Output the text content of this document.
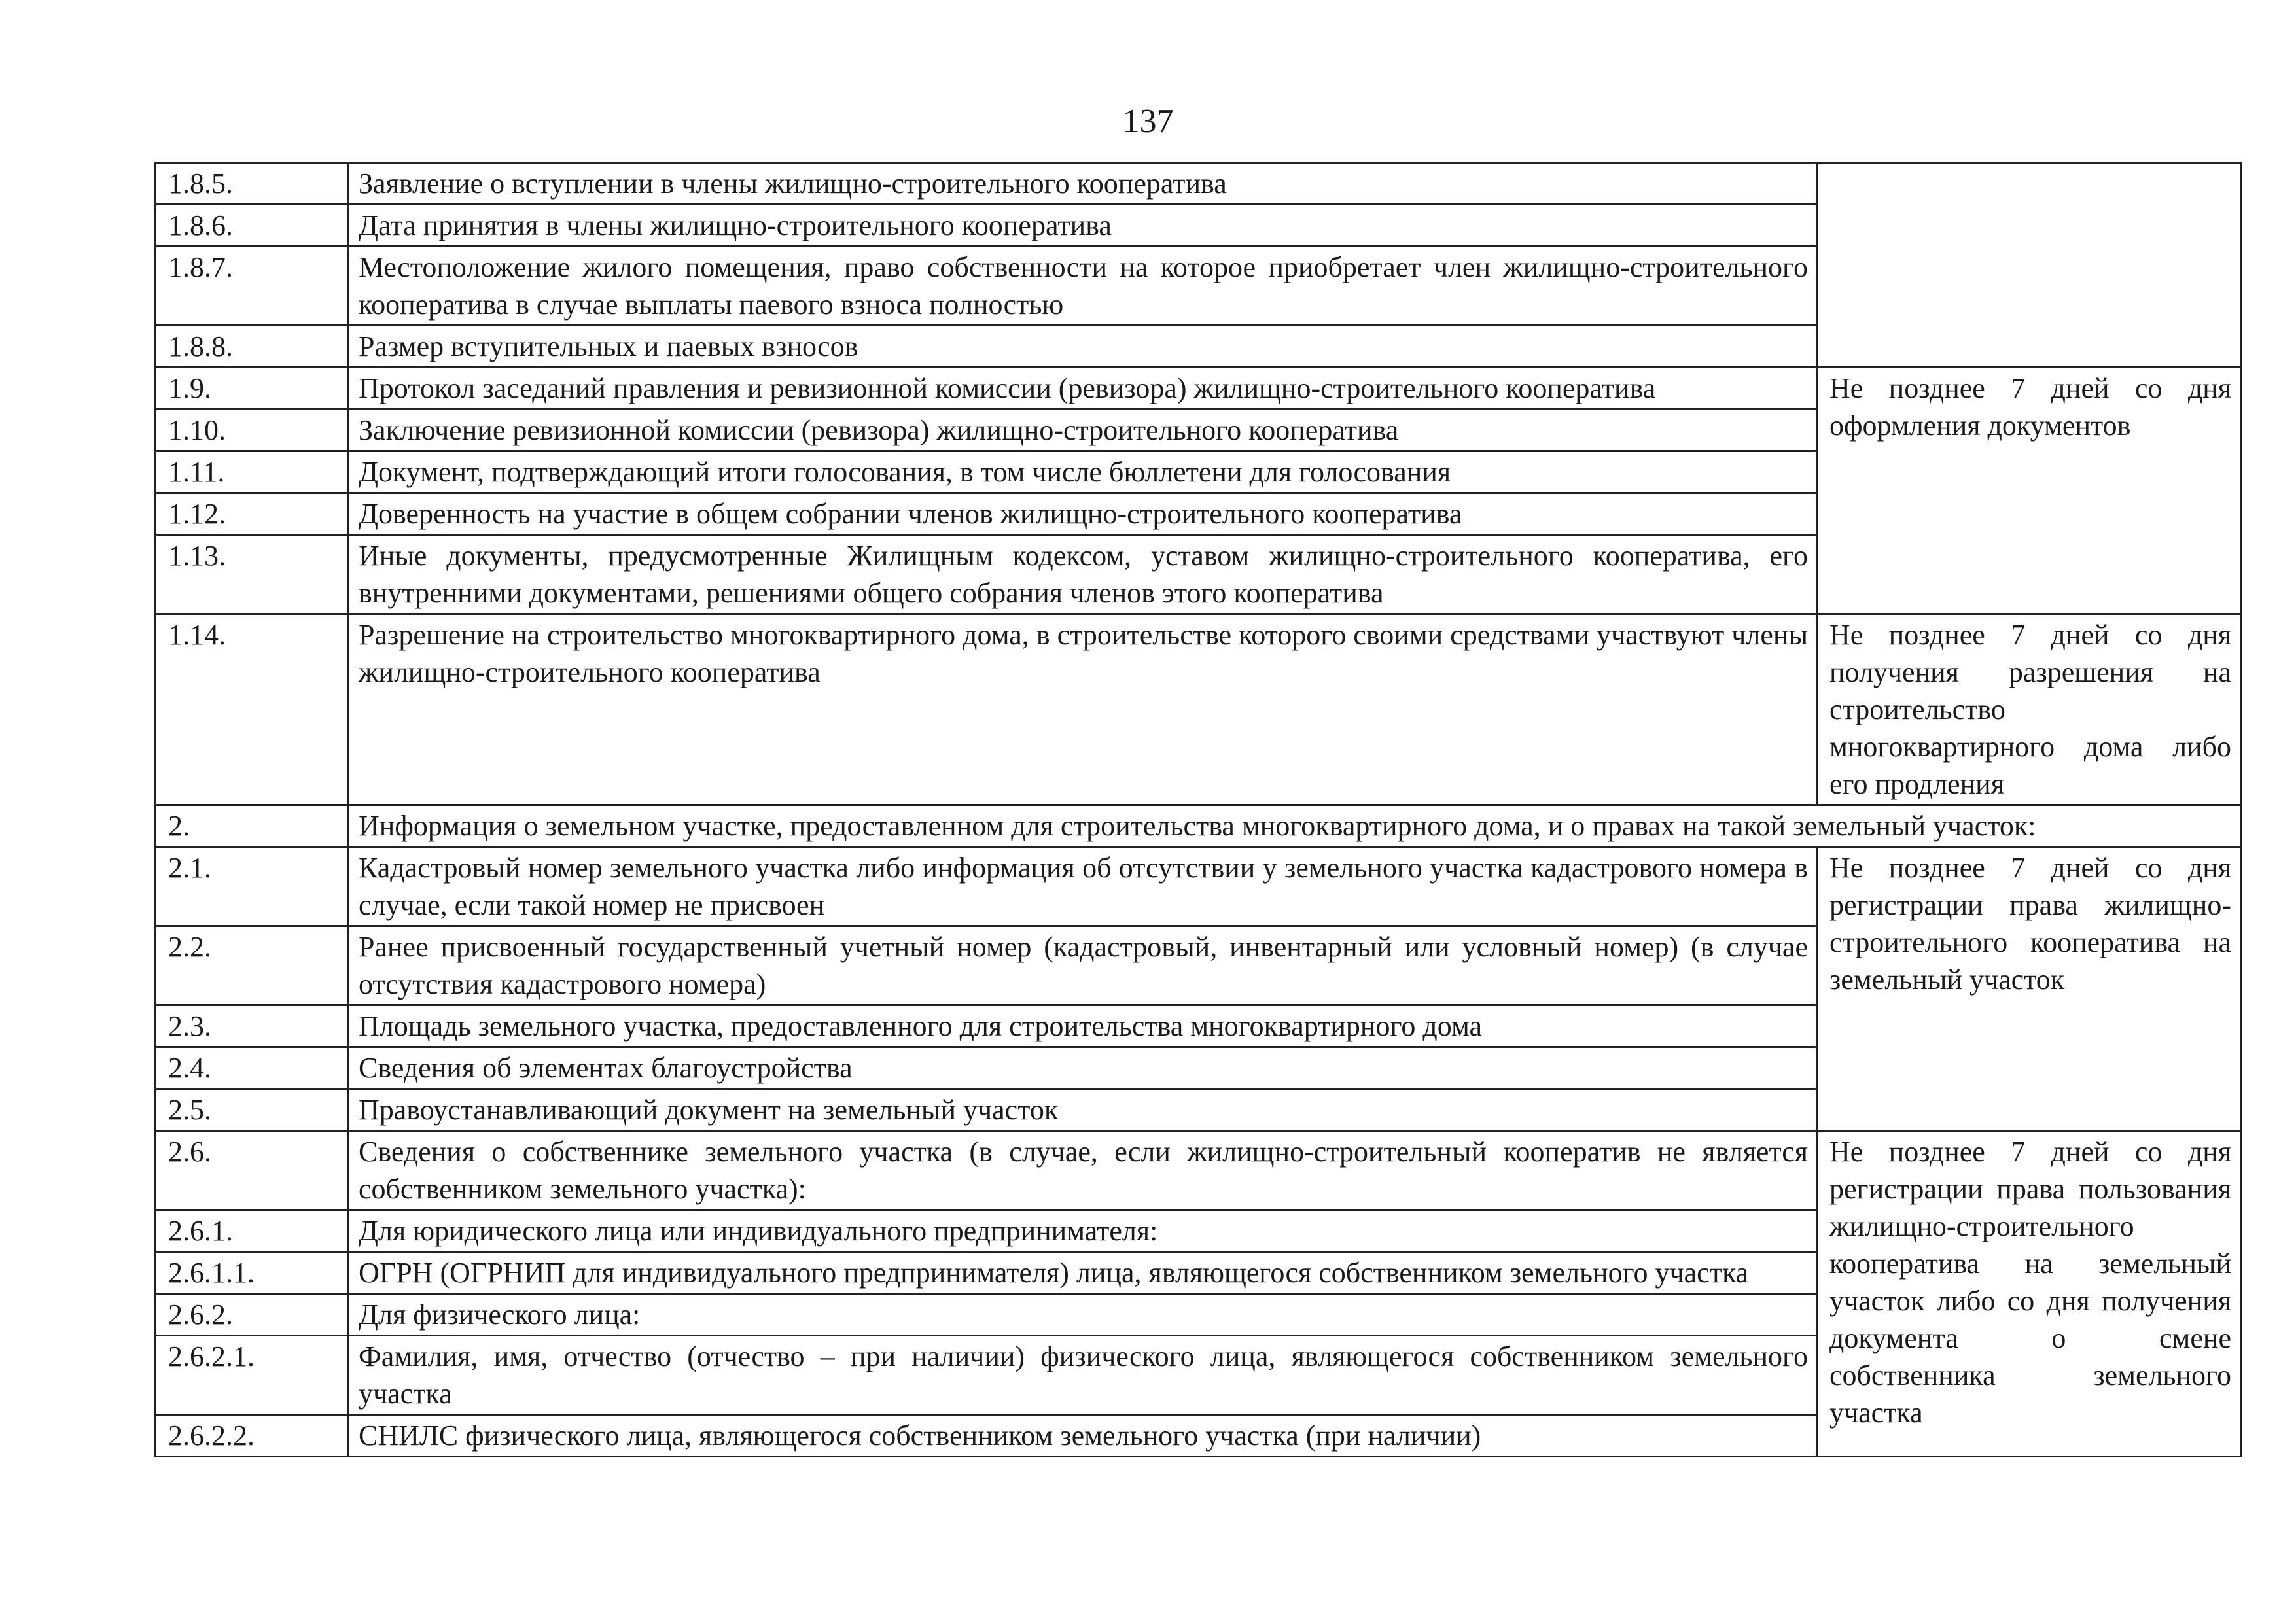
137
1.8.5.	Заявление о вступлении в члены жилищно-строительного кооператива	
1.8.6.	Дата принятия в члены жилищно-строительного кооператива	
1.8.7.	Местоположение жилого помещения, право собственности на которое приобретает член жилищно-строительного кооператива в случае выплаты паевого взноса полностью	
1.8.8.	Размер вступительных и паевых взносов	
1.9.	Протокол заседаний правления и ревизионной комиссии (ревизора) жилищно-строительного кооператива	Не позднее 7 дней со дня оформления документов
1.10.	Заключение ревизионной комиссии (ревизора) жилищно-строительного кооператива	
1.11.	Документ, подтверждающий итоги голосования, в том числе бюллетени для голосования	
1.12.	Доверенность на участие в общем собрании членов жилищно-строительного кооператива	
1.13.	Иные документы, предусмотренные Жилищным кодексом, уставом жилищно-строительного кооператива, его внутренними документами, решениями общего собрания членов этого кооператива	
1.14.	Разрешение на строительство многоквартирного дома, в строительстве которого своими средствами участвуют члены жилищно-строительного кооператива	Не позднее 7 дней со дня получения разрешения на строительство многоквартирного дома либо его продления
2.	Информация о земельном участке, предоставленном для строительства многоквартирного дома, и о правах на такой земельный участок:	
2.1.	Кадастровый номер земельного участка либо информация об отсутствии у земельного участка кадастрового номера в случае, если такой номер не присвоен	Не позднее 7 дней со дня регистрации права жилищно-строительного кооператива на земельный участок
2.2.	Ранее присвоенный государственный учетный номер (кадастровый, инвентарный или условный номер) (в случае отсутствия кадастрового номера)	
2.3.	Площадь земельного участка, предоставленного для строительства многоквартирного дома	
2.4.	Сведения об элементах благоустройства	
2.5.	Правоустанавливающий документ на земельный участок	
2.6.	Сведения о собственнике земельного участка (в случае, если жилищно-строительный кооператив не является собственником земельного участка):	Не позднее 7 дней со дня регистрации права пользования жилищно-строительного кооператива на земельный участок либо со дня получения документа о смене собственника земельного участка
2.6.1.	Для юридического лица или индивидуального предпринимателя:	
2.6.1.1.	ОГРН (ОГРНИП для индивидуального предпринимателя) лица, являющегося собственником земельного участка	
2.6.2.	Для физического лица:	
2.6.2.1.	Фамилия, имя, отчество (отчество – при наличии) физического лица, являющегося собственником земельного участка	
2.6.2.2.	СНИЛС физического лица, являющегося собственником земельного участка (при наличии)	
